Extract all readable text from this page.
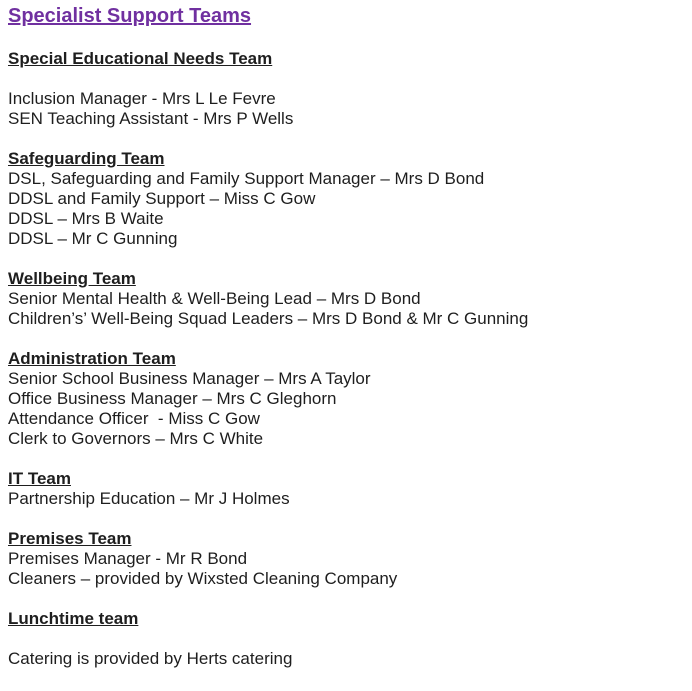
Specialist Support Teams
Special Educational Needs Team
Inclusion Manager - Mrs L Le Fevre
SEN Teaching Assistant - Mrs P Wells
Safeguarding Team
DSL, Safeguarding and Family Support Manager – Mrs D Bond
DDSL and Family Support – Miss C Gow
DDSL – Mrs B Waite
DDSL – Mr C Gunning
Wellbeing Team
Senior Mental Health & Well-Being Lead – Mrs D Bond
Children’s’ Well-Being Squad Leaders – Mrs D Bond & Mr C Gunning
Administration Team
Senior School Business Manager – Mrs A Taylor
Office Business Manager – Mrs C Gleghorn
Attendance Officer  - Miss C Gow
Clerk to Governors – Mrs C White
IT Team
Partnership Education – Mr J Holmes
Premises Team
Premises Manager - Mr R Bond
Cleaners – provided by Wixsted Cleaning Company
Lunchtime team
Catering is provided by Herts catering
